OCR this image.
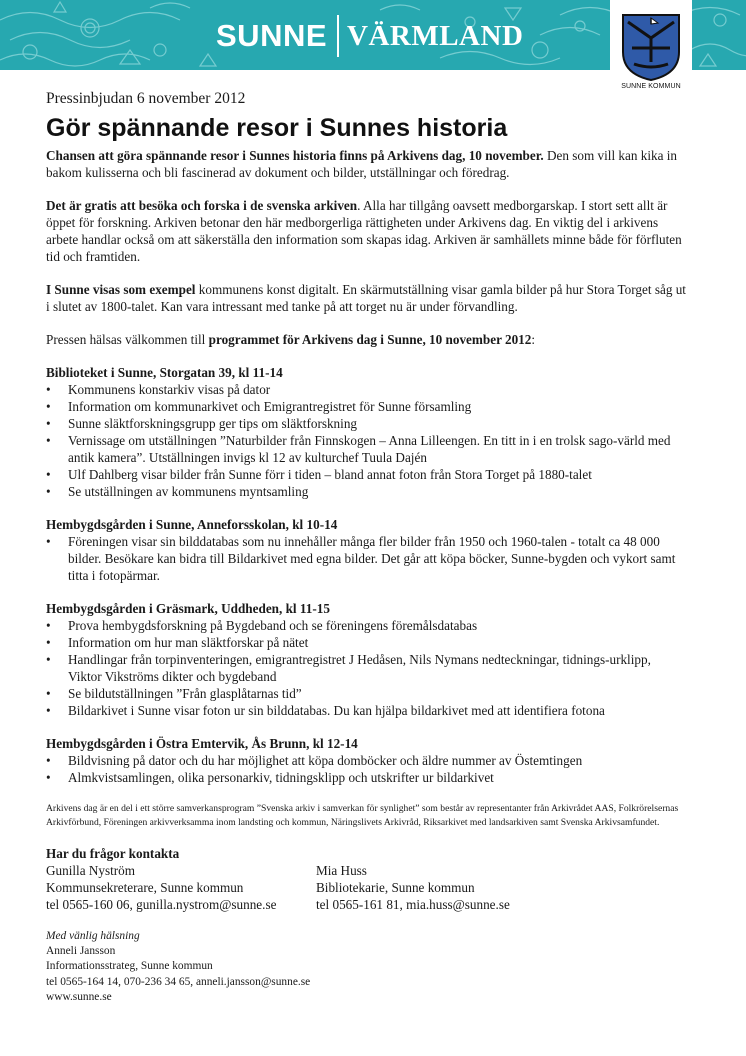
SUNNE VÄRMLAND
SUNNE KOMMUN
Pressinbjudan 6 november 2012
Gör spännande resor i Sunnes historia

Chansen att göra spännande resor i Sunnes historia finns på Arkivens dag, 10 november. Den som vill kan kika in bakom kulisserna och bli fascinerad av dokument och bilder, utställningar och föredrag.

Det är gratis att besöka och forska i de svenska arkiven. Alla har tillgång oavsett medborgarskap. I stort sett allt är öppet för forskning. Arkiven betonar den här medborgerliga rättigheten under Arkivens dag. En viktig del i arkivens arbete handlar också om att säkerställa den information som skapas idag. Arkiven är samhällets minne både för förfluten tid och framtiden.

I Sunne visas som exempel kommunens konst digitalt. En skärmutställning visar gamla bilder på hur Stora Torget såg ut i slutet av 1800-talet. Kan vara intressant med tanke på att torget nu är under förvandling.

Pressen hälsas välkommen till programmet för Arkivens dag i Sunne, 10 november 2012:

Biblioteket i Sunne, Storgatan 39, kl 11-14
• Kommunens konstarkiv visas på dator
• Information om kommunarkivet och Emigrantregistret för Sunne församling
• Sunne släktforskningsgrupp ger tips om släktforskning
• Vernissage om utställningen ”Naturbilder från Finnskogen – Anna Lilleengen. En titt in i en trolsk sago-värld med antik kamera”. Utställningen invigs kl 12 av kulturchef Tuula Dajén
• Ulf Dahlberg visar bilder från Sunne förr i tiden – bland annat foton från Stora Torget på 1880-talet
• Se utställningen av kommunens myntsamling
Hembygdsgården i Sunne, Anneforsskolan, kl 10-14
• Föreningen visar sin bilddatabas som nu innehåller många fler bilder från 1950 och 1960-talen - totalt ca 48 000 bilder. Besökare kan bidra till Bildarkivet med egna bilder. Det går att köpa böcker, Sunne-bygden och vykort samt titta i fotopärmar.
Hembygdsgården i Gräsmark, Uddheden, kl 11-15
• Prova hembygdsforskning på Bygdeband och se föreningens föremålsdatabas
• Information om hur man släktforskar på nätet
• Handlingar från torpinventeringen, emigrantregistret J Hedåsen, Nils Nymans nedteckningar, tidnings-urklipp, Viktor Vikströms dikter och bygdeband
• Se bildutställningen ”Från glasplåtarnas tid”
• Bildarkivet i Sunne visar foton ur sin bilddatabas. Du kan hjälpa bildarkivet med att identifiera fotona
Hembygdsgården i Östra Emtervik, Ås Brunn, kl 12-14
• Bildvisning på dator och du har möjlighet att köpa domböcker och äldre nummer av Östemtingen
• Almkvistsamlingen, olika personarkiv, tidningsklipp och utskrifter ur bildarkivet

Arkivens dag är en del i ett större samverkansprogram ”Svenska arkiv i samverkan för synlighet” som består av representanter från Arkivrådet AAS, Folkrörelsernas Arkivförbund, Föreningen arkivverksamma inom landsting och kommun, Näringslivets Arkivråd, Riksarkivet med landsarkiven samt Svenska Arkivsamfundet.

Har du frågor kontakta
Gunilla Nyström
Kommunsekreterare, Sunne kommun
tel 0565-160 06, gunilla.nystrom@sunne.se
Mia Huss
Bibliotekarie, Sunne kommun
tel 0565-161 81, mia.huss@sunne.se
Med vänlig hälsning
Anneli Jansson
Informationsstrateg, Sunne kommun
tel 0565-164 14, 070-236 34 65, anneli.jansson@sunne.se
www.sunne.se
